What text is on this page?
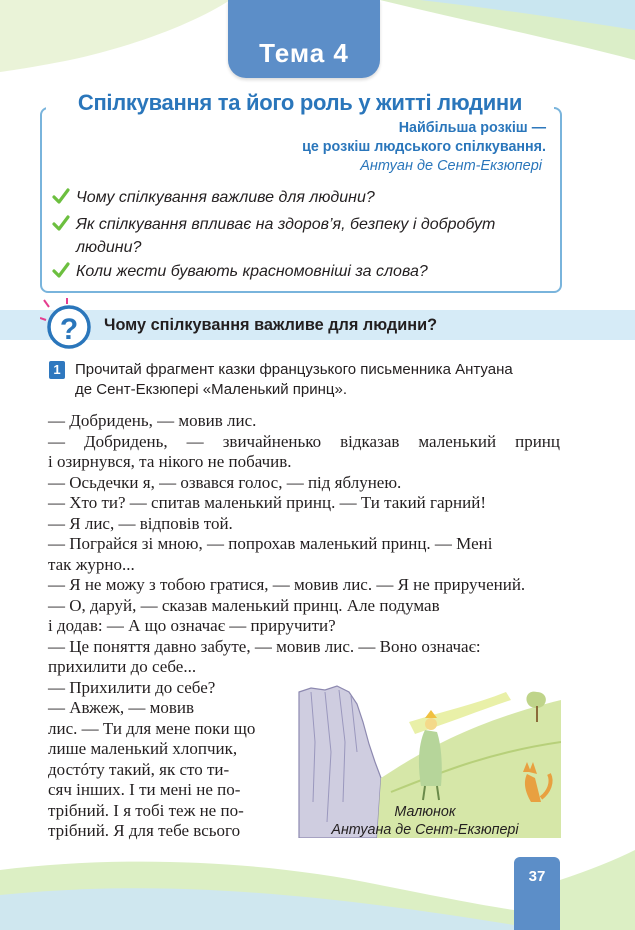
Тема 4
Спілкування та його роль у житті людини
Найбільша розкіш —
це розкіш людського спілкування.
Антуан де Сент-Екзюпері
Чому спілкування важливе для людини?
Як спілкування впливає на здоров’я, безпеку і добробут
людини?
Коли жести бувають красномовніші за слова?
? Чому спілкування важливе для людини?
1 Прочитай фрагмент казки французького письменника Антуана
де Сент-Екзюпері «Маленький принц».
— Добридень, — мовив лис.
— Добридень, — звичайненько відказав маленький принц
і озирнувся, та нікого не побачив.
— Осьдечки я, — озвався голос, — під яблунею.
— Хто ти? — спитав маленький принц. — Ти такий гарний!
— Я лис, — відповів той.
— Пограйся зі мною, — попрохав маленький принц. — Мені
так журно...
— Я не можу з тобою гратися, — мовив лис. — Я не приручений.
— О, даруй, — сказав маленький принц. Але подумав
і додав: — А що означає — приручити?
— Це поняття давно забуте, — мовив лис. — Воно означає:
прихилити до себе...
— Прихилити до себе?
— Авжеж, — мовив
лис. — Ти для мене поки що
лише маленький хлопчик,
достóту такий, як сто ти-
сяч інших. І ти мені не по-
трібний. І я тобі теж не по-
трібний. Я для тебе всього
Малюнок
Антуана де Сент-Екзюпері
37
